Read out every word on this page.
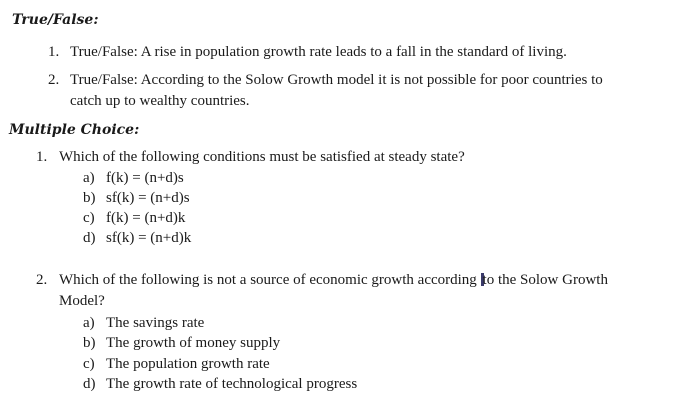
True/False:
1. True/False: A rise in population growth rate leads to a fall in the standard of living.
2. True/False: According to the Solow Growth model it is not possible for poor countries to
catch up to wealthy countries.
Multiple Choice:
1. Which of the following conditions must be satisfied at steady state?
a) f(k) = (n+d)s
b) sf(k) = (n+d)s
c) f(k) = (n+d)k
d) sf(k) = (n+d)k
2. Which of the following is not a source of economic growth according to the Solow Growth
Model?
a) The savings rate
b) The growth of money supply
c) The population growth rate
d) The growth rate of technological progress
